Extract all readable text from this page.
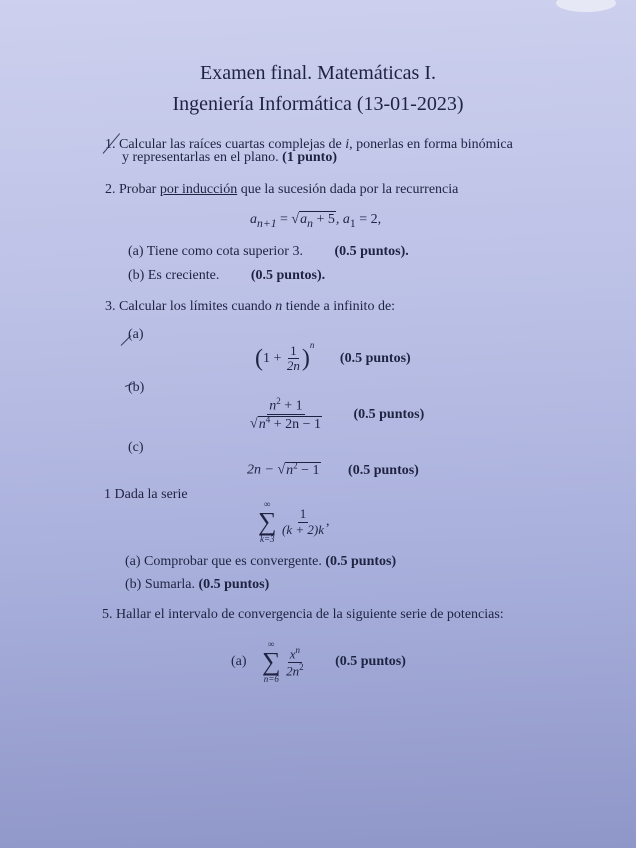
Examen final. Matemáticas I.
Ingeniería Informática (13-01-2023)
1. Calcular las raíces cuartas complejas de i, ponerlas en forma binómica
y representarlas en el plano. (1 punto)
2. Probar por inducción que la sucesión dada por la recurrencia
$a_{n+1} = √a_n + 5$, $a_1 = 2$,
(a) Tiene como cota superior 3. (0.5 puntos).
(b) Es creciente. (0.5 puntos).
3. Calcular los límites cuando n tiende a infinito de:
(a)
$(1 + \frac{1}{2n} )^n$ (0.5 puntos)
(b)
$\frac{n^2 + 1}{√n^4 + 2n - 1} (0.5$ puntos)
(c)
$2n - √n^2 - 1$ (0.5 puntos)
1 Dada la serie
∞
∑
k=3

$\frac{1}{(k + 2)k}$ ,
(a) Comprobar que es convergente. (0.5 puntos)
(b) Sumarla. (0.5 puntos)
5. Hallar el intervalo de convergencia de la siguiente serie de potencias:
(a)
∞
∑
n=6

$\frac{x^n}{2n^2} (0.5$ puntos)
